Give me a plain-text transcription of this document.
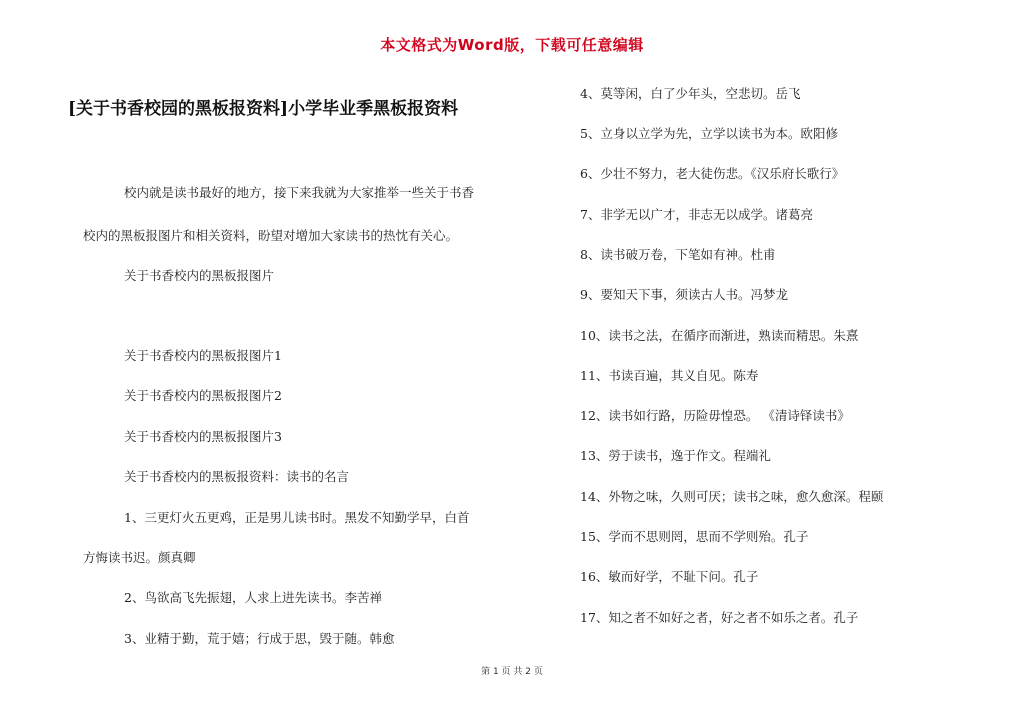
本文格式为Word版，下载可任意编辑
[关于书香校园的黑板报资料]小学毕业季黑板报资料
校内就是读书最好的地方，接下来我就为大家推举一些关于书香
校内的黑板报图片和相关资料，盼望对增加大家读书的热忱有关心。
关于书香校内的黑板报图片
关于书香校内的黑板报图片1
关于书香校内的黑板报图片2
关于书香校内的黑板报图片3
关于书香校内的黑板报资料：读书的名言
1、三更灯火五更鸡，正是男儿读书时。黑发不知勤学早，白首
方悔读书迟。颜真卿
2、鸟欲高飞先振翅，人求上进先读书。李苦禅
3、业精于勤，荒于嬉；行成于思，毁于随。韩愈
4、莫等闲，白了少年头，空悲切。岳飞
5、立身以立学为先，立学以读书为本。欧阳修
6、少壮不努力，老大徒伤悲。《汉乐府长歌行》
7、非学无以广才，非志无以成学。诸葛亮
8、读书破万卷，下笔如有神。杜甫
9、要知天下事，须读古人书。冯梦龙
10、读书之法，在循序而渐进，熟读而精思。朱熹
11、书读百遍，其义自见。陈寿
12、读书如行路，历险毋惶恐。 《清诗铎读书》
13、勞于读书，逸于作文。程端礼
14、外物之味，久则可厌；读书之味，愈久愈深。程颐
15、学而不思则罔，思而不学则殆。孔子
16、敏而好学，不耻下问。孔子
17、知之者不如好之者，好之者不如乐之者。孔子
第 1 页 共 2 页
